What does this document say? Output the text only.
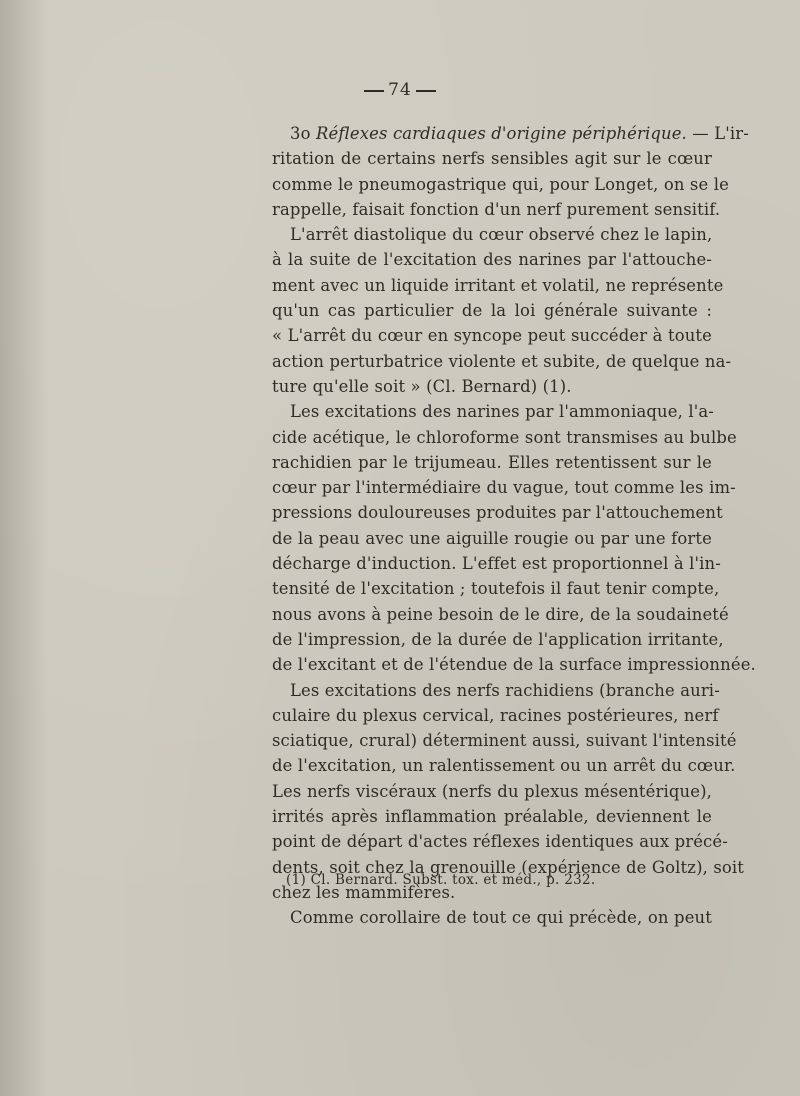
74
3o Réflexes cardiaques d'origine périphérique. — L'ir-
ritation de certains nerfs sensibles agit sur le cœur
comme le pneumogastrique qui, pour Longet, on se le
rappelle, faisait fonction d'un nerf purement sensitif.
L'arrêt diastolique du cœur observé chez le lapin,
à la suite de l'excitation des narines par l'attouche-
ment avec un liquide irritant et volatil, ne représente
qu'un cas particulier de la loi générale suivante :
« L'arrêt du cœur en syncope peut succéder à toute
action perturbatrice violente et subite, de quelque na-
ture qu'elle soit » (Cl. Bernard) (1).
Les excitations des narines par l'ammoniaque, l'a-
cide acétique, le chloroforme sont transmises au bulbe
rachidien par le trijumeau. Elles retentissent sur le
cœur par l'intermédiaire du vague, tout comme les im-
pressions douloureuses produites par l'attouchement
de la peau avec une aiguille rougie ou par une forte
décharge d'induction. L'effet est proportionnel à l'in-
tensité de l'excitation ; toutefois il faut tenir compte,
nous avons à peine besoin de le dire, de la soudaineté
de l'impression, de la durée de l'application irritante,
de l'excitant et de l'étendue de la surface impressionnée.
Les excitations des nerfs rachidiens (branche auri-
culaire du plexus cervical, racines postérieures, nerf
sciatique, crural) déterminent aussi, suivant l'intensité
de l'excitation, un ralentissement ou un arrêt du cœur.
Les nerfs viscéraux (nerfs du plexus mésentérique),
irrités après inflammation préalable, deviennent le
point de départ d'actes réflexes identiques aux précé-
dents, soit chez la grenouille (expérience de Goltz), soit
chez les mammifères.
Comme corollaire de tout ce qui précède, on peut
(1) Cl. Bernard. Subst. tox. et méd., p. 232.
